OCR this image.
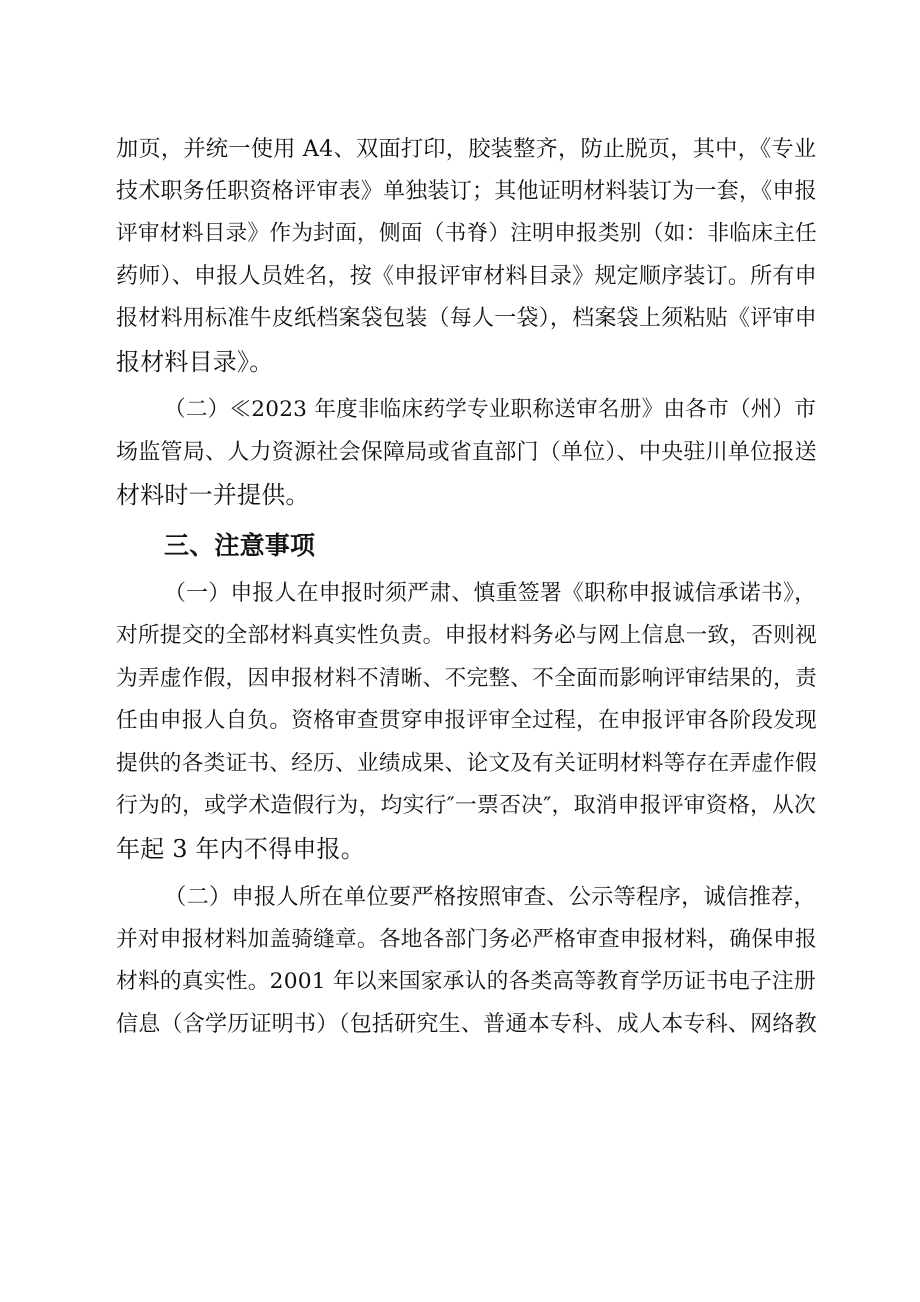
加页，并统一使用 A4、双面打印，胶装整齐，防止脱页，其中，《专业
技术职务任职资格评审表》单独装订；其他证明材料装订为一套，《申报
评审材料目录》作为封面，侧面（书脊）注明申报类别（如：非临床主任
药师）、申报人员姓名，按《申报评审材料目录》规定顺序装订。所有申
报材料用标准牛皮纸档案袋包装（每人一袋），档案袋上须粘贴《评审申
报材料目录》。
（二）≪2023 年度非临床药学专业职称送审名册》由各市（州）市
场监管局、人力资源社会保障局或省直部门（单位）、中央驻川单位报送
材料时一并提供。
三、注意事项
（一）申报人在申报时须严肃、慎重签署《职称申报诚信承诺书》，
对所提交的全部材料真实性负责。申报材料务必与网上信息一致，否则视
为弄虚作假，因申报材料不清晰、不完整、不全面而影响评审结果的，责
任由申报人自负。资格审查贯穿申报评审全过程，在申报评审各阶段发现
提供的各类证书、经历、业绩成果、论文及有关证明材料等存在弄虚作假
行为的，或学术造假行为，均实行″一票否决″，取消申报评审资格，从次
年起 3 年内不得申报。
（二）申报人所在单位要严格按照审查、公示等程序，诚信推荐，
并对申报材料加盖骑缝章。各地各部门务必严格审查申报材料，确保申报
材料的真实性。2001 年以来国家承认的各类高等教育学历证书电子注册
信息（含学历证明书）（包括研究生、普通本专科、成人本专科、网络教
